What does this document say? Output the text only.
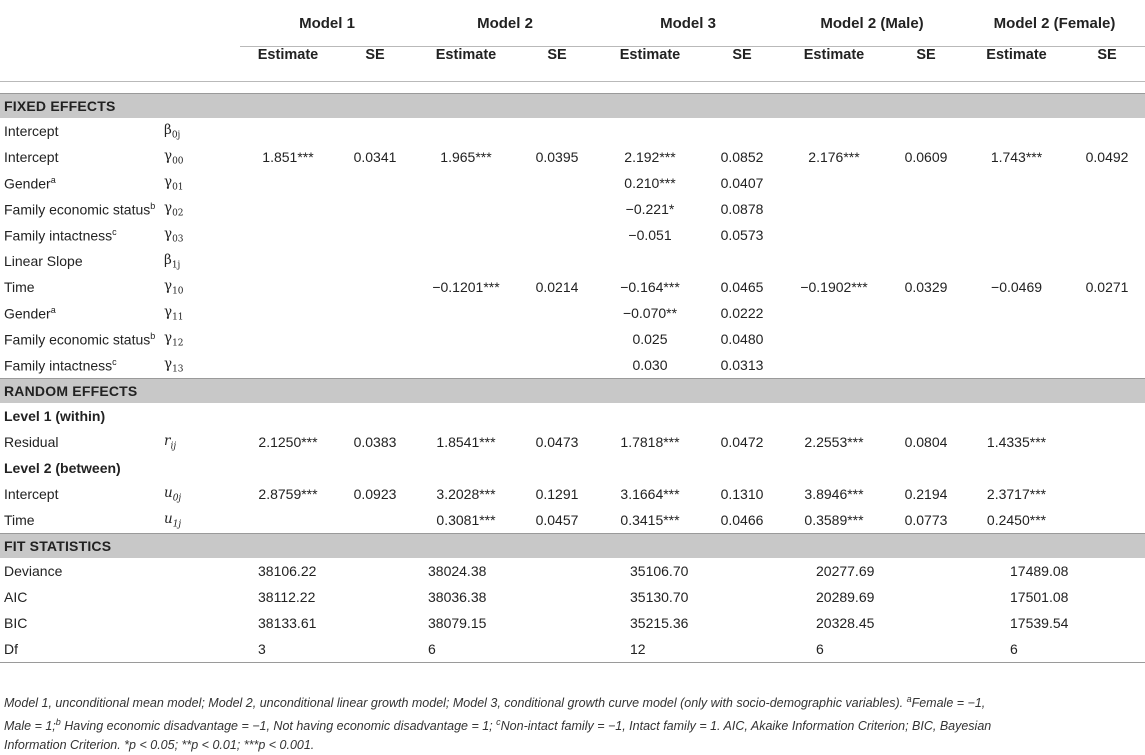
		Model 1		Model 2		Model 3		Model 2 (Male)		Model 2 (Female)	
		Estimate	SE	Estimate	SE	Estimate	SE	Estimate	SE	Estimate	SE

FIXED EFFECTS											
Intercept	$\beta_{0j}$										
Intercept	$\gamma_{00}$	1.851***	0.0341	1.965***	0.0395	2.192***	0.0852	2.176***	0.0609	1.743***	0.0492
Gender$^a$	$\gamma_{01}$					0.210***	0.0407				
Family economic status$^b$	$\gamma_{02}$					−0.221*	0.0878				
Family intactness$^c$	$\gamma_{03}$					−0.051	0.0573				
Linear Slope	$\beta_{1j}$										
Time	$\gamma_{10}$			−0.1201***	0.0214	−0.164***	0.0465	−0.1902***	0.0329	−0.0469	0.0271
Gender$^a$	$\gamma_{11}$					−0.070**	0.0222				
Family economic status$^b$	$\gamma_{12}$					0.025	0.0480				
Family intactness$^c$	$\gamma_{13}$					0.030	0.0313				
RANDOM EFFECTS											
Level 1 (within)											
Residual	$r_{ij}$	2.1250***	0.0383	1.8541***	0.0473	1.7818***	0.0472	2.2553***	0.0804	1.4335***	
Level 2 (between)											
Intercept	$u_{0j}$	2.8759***	0.0923	3.2028***	0.1291	3.1664***	0.1310	3.8946***	0.2194	2.3717***	
Time	$u_{1j}$			0.3081***	0.0457	0.3415***	0.0466	0.3589***	0.0773	0.2450***	
FIT STATISTICS											
Deviance		38106.22		38024.38		35106.70		20277.69		17489.08	
AIC		38112.22		38036.38		35130.70		20289.69		17501.08	
BIC		38133.61		38079.15		35215.36		20328.45		17539.54	
Df		3		6		12		6		6	
Model 1, unconditional mean model; Model 2, unconditional linear growth model; Model 3, conditional growth curve model (only with socio-demographic variables). $^a$Female = −1,
Male = 1;$^b$ Having economic disadvantage = −1, Not having economic disadvantage = 1; $^c$Non-intact family = −1, Intact family = 1. AIC, Akaike Information Criterion; BIC, Bayesian
Information Criterion. *p < 0.05; **p < 0.01; ***p < 0.001.
